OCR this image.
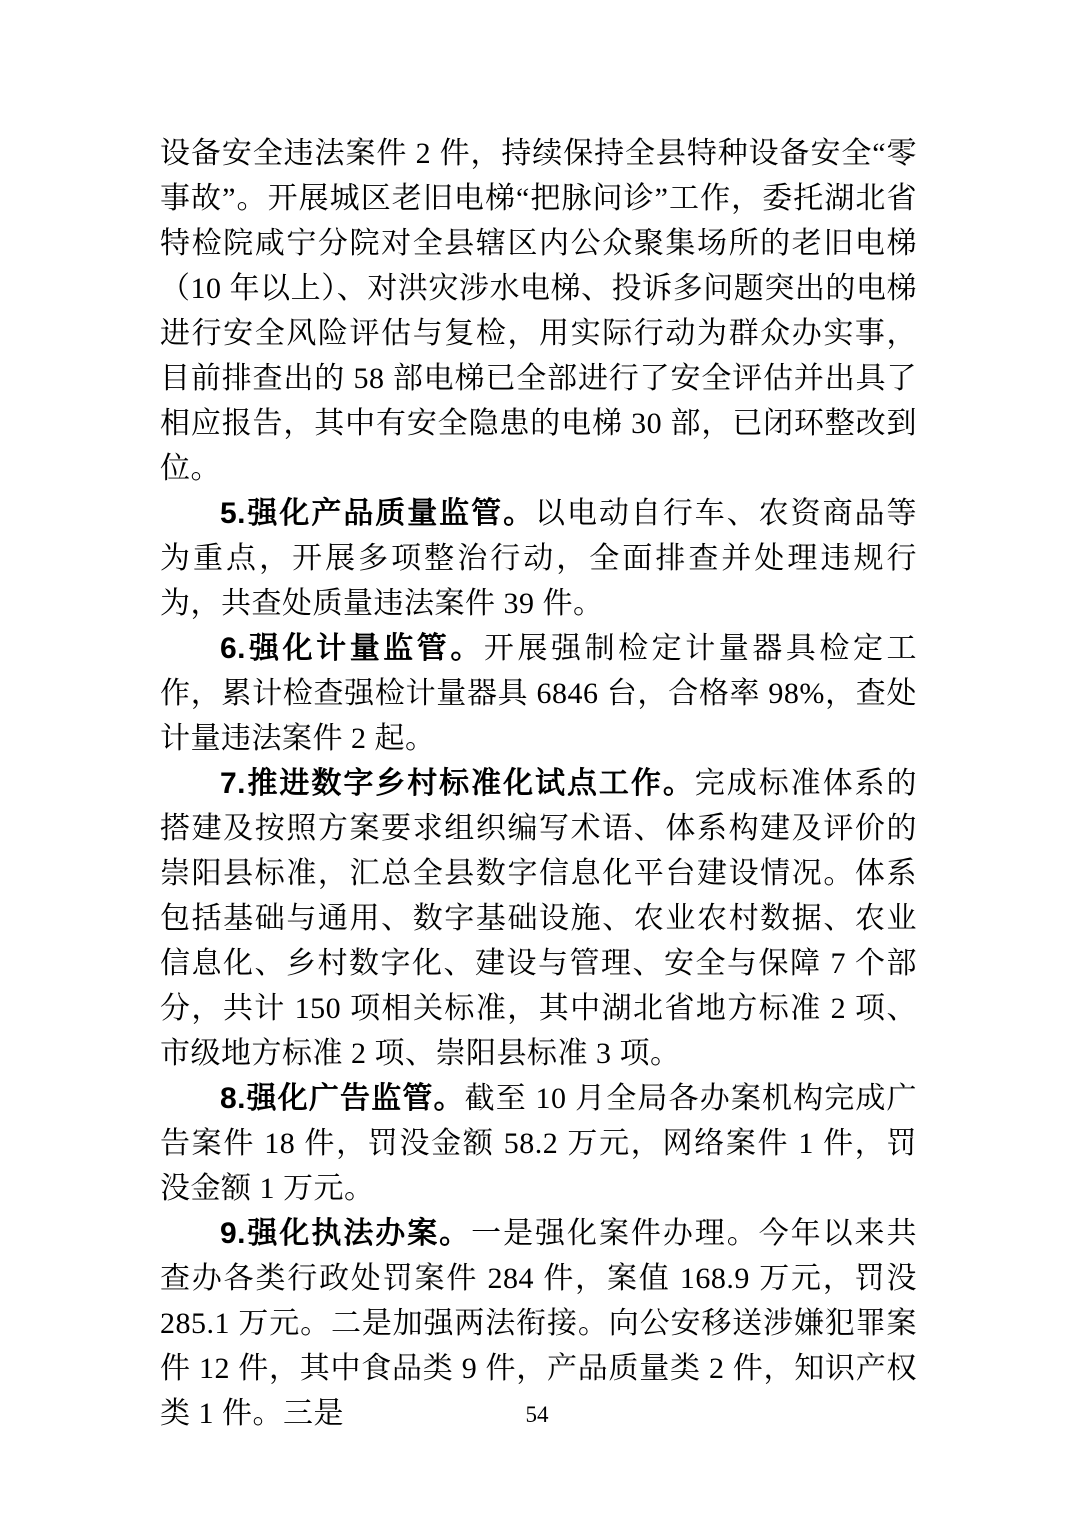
设备安全违法案件 2 件，持续保持全县特种设备安全“零事故”。开展城区老旧电梯“把脉问诊”工作，委托湖北省特检院咸宁分院对全县辖区内公众聚集场所的老旧电梯（10 年以上）、对洪灾涉水电梯、投诉多问题突出的电梯进行安全风险评估与复检，用实际行动为群众办实事，目前排查出的 58 部电梯已全部进行了安全评估并出具了相应报告，其中有安全隐患的电梯 30 部，已闭环整改到位。

5.强化产品质量监管。以电动自行车、农资商品等为重点，开展多项整治行动，全面排查并处理违规行为，共查处质量违法案件 39 件。

6.强化计量监管。开展强制检定计量器具检定工作，累计检查强检计量器具 6846 台，合格率 98%，查处计量违法案件 2 起。

7.推进数字乡村标准化试点工作。完成标准体系的搭建及按照方案要求组织编写术语、体系构建及评价的崇阳县标准，汇总全县数字信息化平台建设情况。体系包括基础与通用、数字基础设施、农业农村数据、农业信息化、乡村数字化、建设与管理、安全与保障 7 个部分，共计 150 项相关标准，其中湖北省地方标准 2 项、市级地方标准 2 项、崇阳县标准 3 项。

8.强化广告监管。截至 10 月全局各办案机构完成广告案件 18 件，罚没金额 58.2 万元，网络案件 1 件，罚没金额 1 万元。

9.强化执法办案。一是强化案件办理。今年以来共查办各类行政处罚案件 284 件，案值 168.9 万元，罚没 285.1 万元。二是加强两法衔接。向公安移送涉嫌犯罪案件 12 件，其中食品类 9 件，产品质量类 2 件，知识产权类 1 件。三是	54
